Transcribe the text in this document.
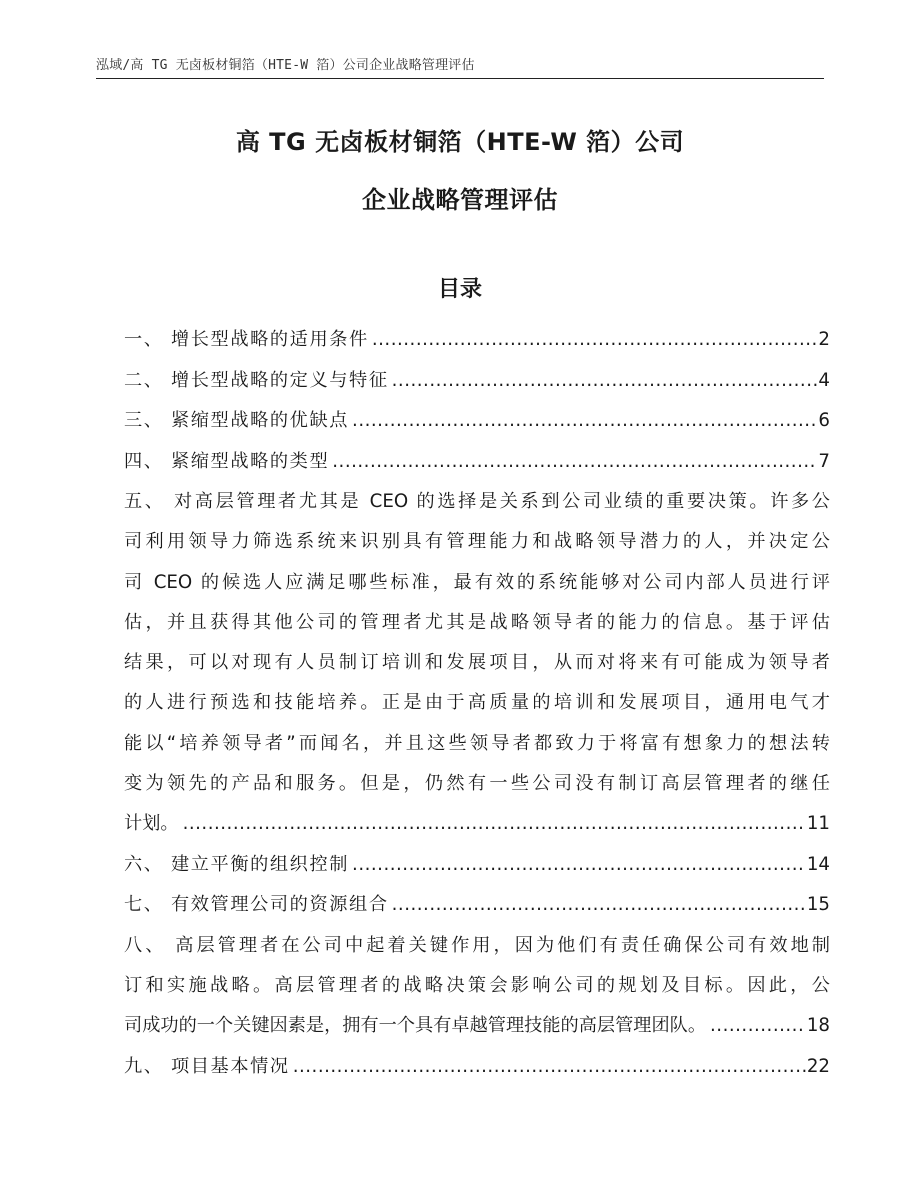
泓域/高 TG 无卤板材铜箔（HTE-W 箔）公司企业战略管理评估
高 TG 无卤板材铜箔（HTE-W 箔）公司
企业战略管理评估
目录
一、 增长型战略的适用条件 .....	2
二、 增长型战略的定义与特征 .....	4
三、 紧缩型战略的优缺点 .....	6
四、 紧缩型战略的类型 .....	7
五、 对高层管理者尤其是 CEO 的选择是关系到公司业绩的重要决策。许多公
司利用领导力筛选系统来识别具有管理能力和战略领导潜力的人，并决定公
司 CEO 的候选人应满足哪些标准，最有效的系统能够对公司内部人员进行评
估，并且获得其他公司的管理者尤其是战略领导者的能力的信息。基于评估
结果，可以对现有人员制订培训和发展项目，从而对将来有可能成为领导者
的人进行预选和技能培养。正是由于高质量的培训和发展项目，通用电气才
能以“培养领导者”而闻名，并且这些领导者都致力于将富有想象力的想法转
变为领先的产品和服务。但是，仍然有一些公司没有制订高层管理者的继任
计划。 .....	11
六、 建立平衡的组织控制 .....	14
七、 有效管理公司的资源组合 .....	15
八、 高层管理者在公司中起着关键作用，因为他们有责任确保公司有效地制
订和实施战略。高层管理者的战略决策会影响公司的规划及目标。因此，公
司成功的一个关键因素是，拥有一个具有卓越管理技能的高层管理团队。 .....	18
九、 项目基本情况 .....	22
